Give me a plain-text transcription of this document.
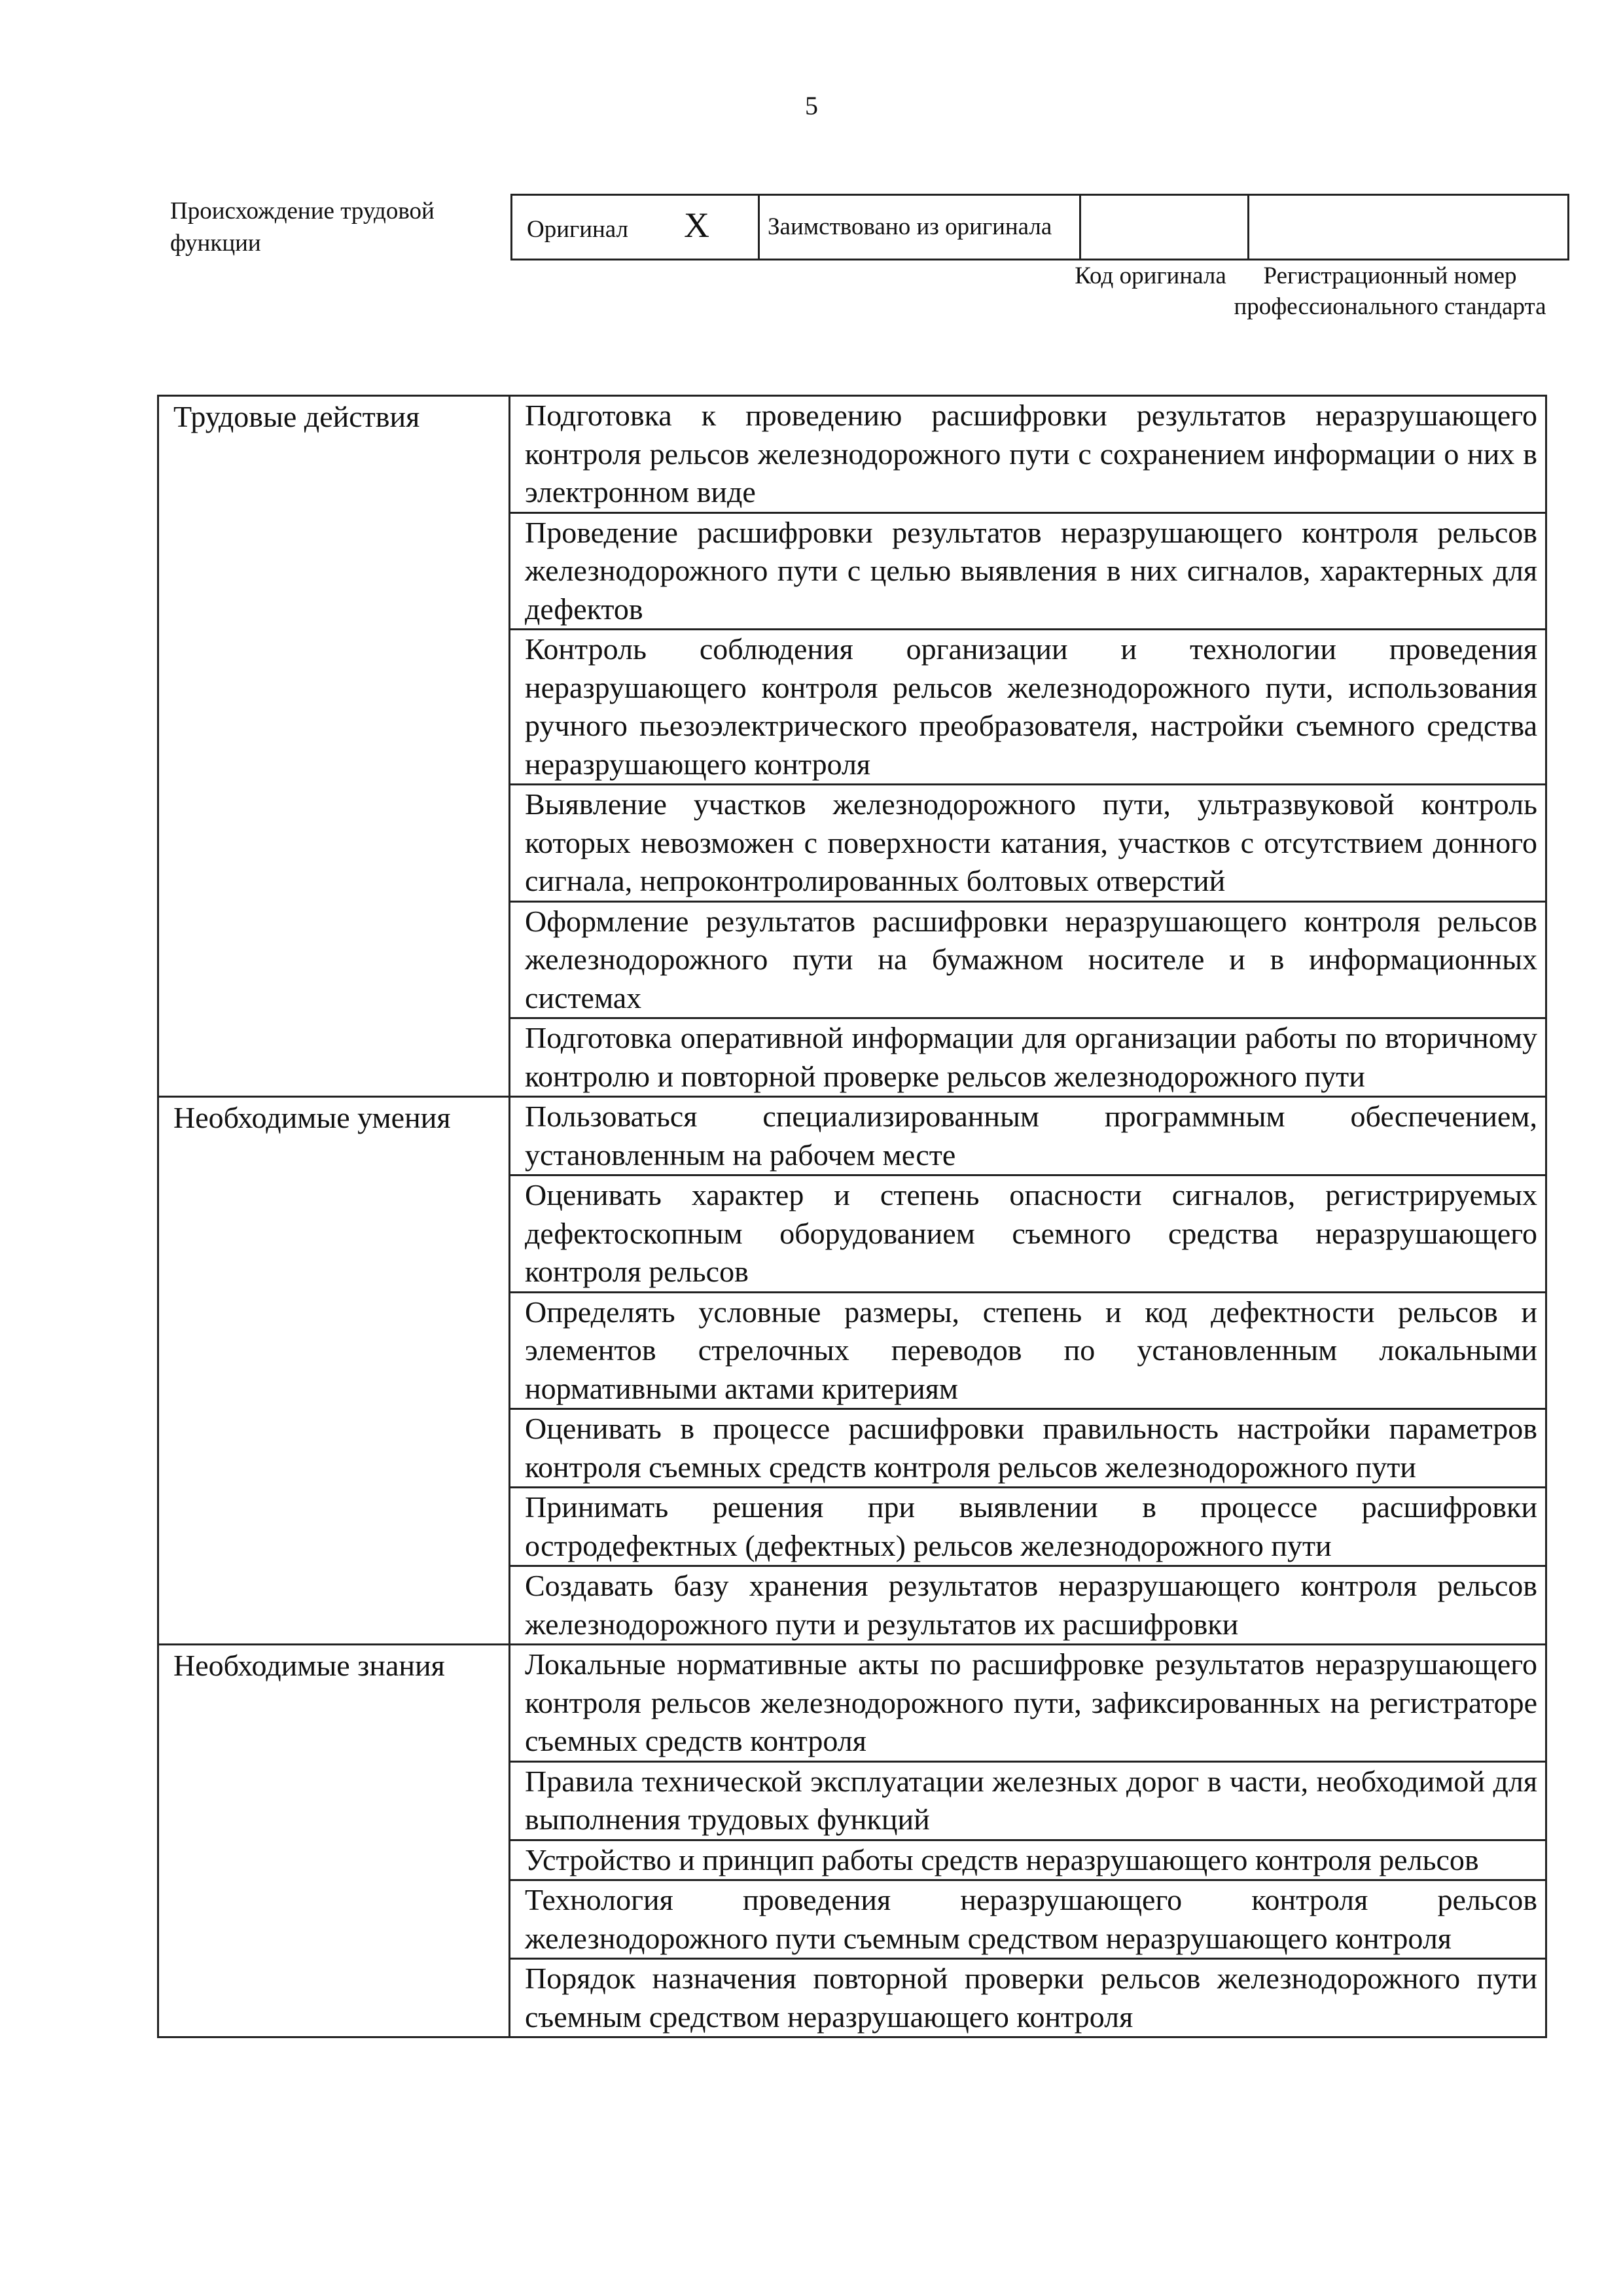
5
Происхождение трудовой функции
Оригинал X	Заимствовано из оригинала		
Код оригинала	Регистрационный номер профессионального стандарта
Трудовые действия	Подготовка к проведению расшифровки результатов неразрушающего контроля рельсов железнодорожного пути с сохранением информации о них в электронном виде
	Проведение расшифровки результатов неразрушающего контроля рельсов железнодорожного пути с целью выявления в них сигналов, характерных для дефектов
	Контроль соблюдения организации и технологии проведения неразрушающего контроля рельсов железнодорожного пути, использования ручного пьезоэлектрического преобразователя, настройки съемного средства неразрушающего контроля
	Выявление участков железнодорожного пути, ультразвуковой контроль которых невозможен с поверхности катания, участков с отсутствием донного сигнала, непроконтролированных болтовых отверстий
	Оформление результатов расшифровки неразрушающего контроля рельсов железнодорожного пути на бумажном носителе и в информационных системах
	Подготовка оперативной информации для организации работы по вторичному контролю и повторной проверке рельсов железнодорожного пути
Необходимые умения	Пользоваться специализированным программным обеспечением, установленным на рабочем месте
	Оценивать характер и степень опасности сигналов, регистрируемых дефектоскопным оборудованием съемного средства неразрушающего контроля рельсов
	Определять условные размеры, степень и код дефектности рельсов и элементов стрелочных переводов по установленным локальными нормативными актами критериям
	Оценивать в процессе расшифровки правильность настройки параметров контроля съемных средств контроля рельсов железнодорожного пути
	Принимать решения при выявлении в процессе расшифровки остродефектных (дефектных) рельсов железнодорожного пути
	Создавать базу хранения результатов неразрушающего контроля рельсов железнодорожного пути и результатов их расшифровки
Необходимые знания	Локальные нормативные акты по расшифровке результатов неразрушающего контроля рельсов железнодорожного пути, зафиксированных на регистраторе съемных средств контроля
	Правила технической эксплуатации железных дорог в части, необходимой для выполнения трудовых функций
	Устройство и принцип работы средств неразрушающего контроля рельсов
	Технология проведения неразрушающего контроля рельсов железнодорожного пути съемным средством неразрушающего контроля
	Порядок назначения повторной проверки рельсов железнодорожного пути съемным средством неразрушающего контроля
